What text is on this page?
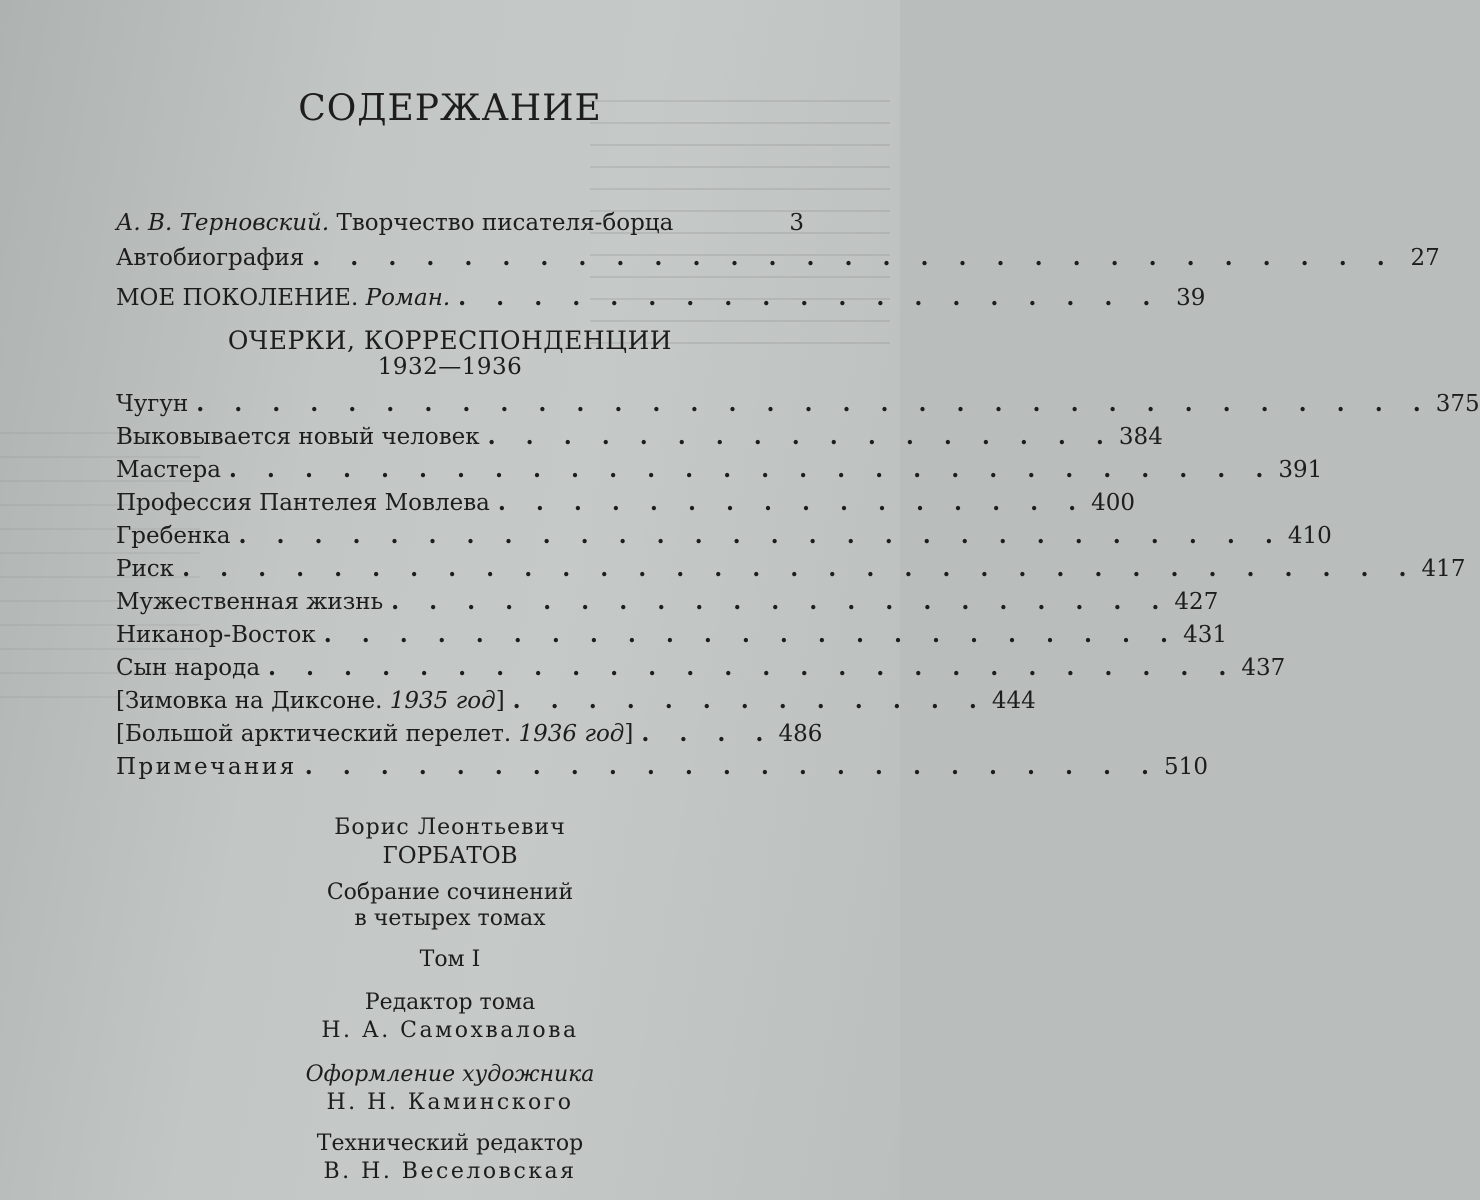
СОДЕРЖАНИЕ
А. В. Терновский. Творчество писателя-борца	3
Автобиография . . . . . . . . . . . . . . . . . . . . . . . . . . . . . 27
МОЕ ПОКОЛЕНИЕ. Роман. . . . . . . . . . . . . . . . . . . . 39
ОЧЕРКИ, КОРРЕСПОНДЕНЦИИ
1932—1936
Чугун . . . . . . . . . . . . . . . . . . . . . . . . . . . . . . . . . 375
Выковывается новый человек . . . . . . . . . . . . . . . . . 384
Мастера . . . . . . . . . . . . . . . . . . . . . . . . . . . . 391
Профессия Пантелея Мовлева . . . . . . . . . . . . . . . . 400
Гребенка . . . . . . . . . . . . . . . . . . . . . . . . . . . . 410
Риск . . . . . . . . . . . . . . . . . . . . . . . . . . . . . . . . . 417
Мужественная жизнь . . . . . . . . . . . . . . . . . . . . . 427
Никанор-Восток . . . . . . . . . . . . . . . . . . . . . . . 431
Сын народа . . . . . . . . . . . . . . . . . . . . . . . . . . 437
[Зимовка на Диксоне. 1935 год] . . . . . . . . . . . . . 444
[Большой арктический перелет. 1936 год] . . . . 486
Примечания . . . . . . . . . . . . . . . . . . . . . . . 510
Борис Леонтьевич
ГОРБАТОВ
Собрание сочинений
в четырех томах
Том I
Редактор тома
Н. А. Самохвалова
Оформление художника
Н. Н. Каминского
Технический редактор
В. Н. Веселовская
